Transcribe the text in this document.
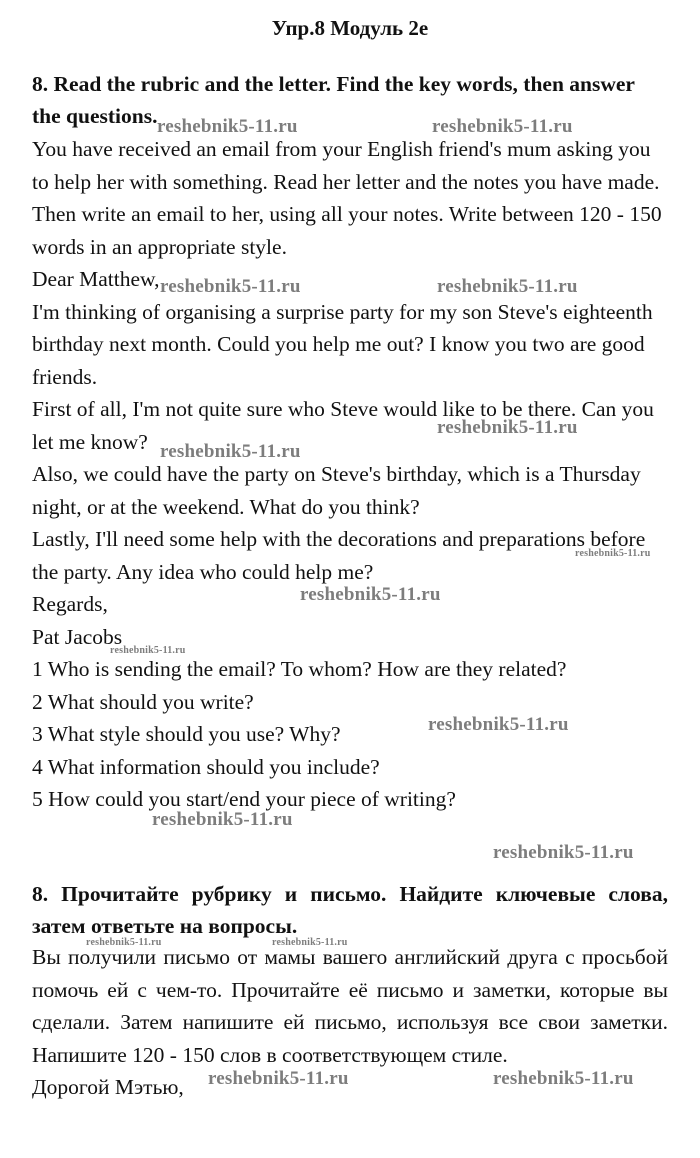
Упр.8 Модуль 2е

8. Read the rubric and the letter. Find the key words, then answer the questions.

You have received an email from your English friend's mum asking you to help her with something. Read her letter and the notes you have made. Then write an email to her, using all your notes. Write between 120 - 150 words in an appropriate style.

Dear Matthew,

I'm thinking of organising a surprise party for my son Steve's eighteenth birthday next month. Could you help me out? I know you two are good friends.

First of all, I'm not quite sure who Steve would like to be there. Can you let me know?

Also, we could have the party on Steve's birthday, which is a Thursday night, or at the weekend. What do you think?

Lastly, I'll need some help with the decorations and preparations before the party. Any idea who could help me?

Regards,

Pat Jacobs

1 Who is sending the email? To whom? How are they related?

2 What should you write?

3 What style should you use? Why?

4 What information should you include?

5 How could you start/end your piece of writing?

8. Прочитайте рубрику и письмо. Найдите ключевые слова, затем ответьте на вопросы.

Вы получили письмо от мамы вашего английский друга с просьбой помочь ей с чем-то. Прочитайте её письмо и заметки, которые вы сделали. Затем напишите ей письмо, используя все свои заметки. Напишите 120 - 150 слов в соответствующем стиле.

Дорогой Мэтью,

reshebnik5-11.ru	reshebnik5-11.ru
reshebnik5-11.ru	reshebnik5-11.ru
reshebnik5-11.ru
reshebnik5-11.ru
reshebnik5-11.ru
reshebnik5-11.ru
reshebnik5-11.ru
reshebnik5-11.ru
reshebnik5-11.ru
reshebnik5-11.ru
reshebnik5-11.ru	reshebnik5-11.ru
reshebnik5-11.ru	reshebnik5-11.ru
